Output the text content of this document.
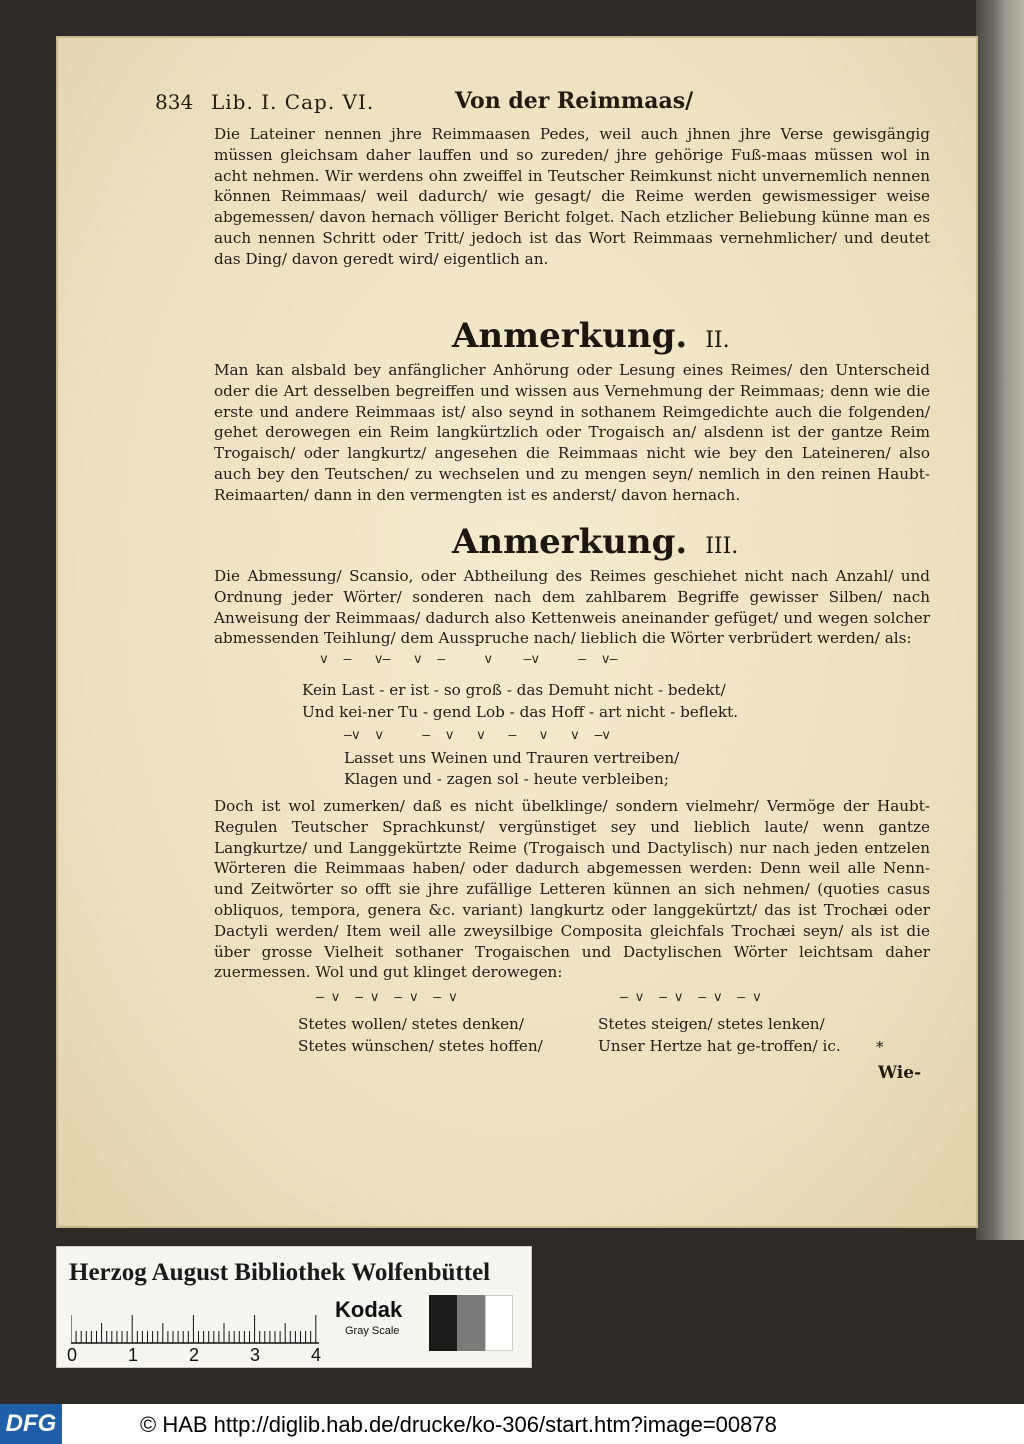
834 Lib. I. Cap. VI.	Von der Reimmaas/
Die Lateiner nennen jhre Reimmaasen Pedes, weil auch jhnen jhre Verse gewisgängig müssen gleichsam daher lauffen und so zureden/ jhre gehörige Fuß-maas müssen wol in acht nehmen. Wir werdens ohn zweiffel in Teutscher Reimkunst nicht unvernemlich nennen können Reimmaas/ weil dadurch/ wie gesagt/ die Reime werden gewismessiger weise abgemessen/ davon hernach völliger Bericht folget. Nach etzlicher Beliebung künne man es auch nennen Schritt oder Tritt/ jedoch ist das Wort Reimmaas vernehmlicher/ und deutet das Ding/ davon geredt wird/ eigentlich an.
Anmerkung. II.
Man kan alsbald bey anfänglicher Anhörung oder Lesung eines Reimes/ den Unterscheid oder die Art desselben begreiffen und wissen aus Vernehmung der Reimmaas; denn wie die erste und andere Reimmaas ist/ also seynd in sothanem Reimgedichte auch die folgenden/ gehet derowegen ein Reim langkürtzlich oder Trogaisch an/ alsdenn ist der gantze Reim Trogaisch/ oder langkurtz/ angesehen die Reimmaas nicht wie bey den Lateineren/ also auch bey den Teutschen/ zu wechselen und zu mengen seyn/ nemlich in den reinen Haubt-Reimaarten/ dann in den vermengten ist es anderst/ davon hernach.
Anmerkung. III.
Die Abmessung/ Scansio, oder Abtheilung des Reimes geschiehet nicht nach Anzahl/ und Ordnung jeder Wörter/ sonderen nach dem zahlbarem Begriffe gewisser Silben/ nach Anweisung der Reimmaas/ dadurch also Kettenweis aneinander gefüget/ und wegen solcher abmessenden Teihlung/ dem Ausspruche nach/ lieblich die Wörter verbrüdert werden/ als:
v  —   v—   v  —     v    —v     —  v—
Kein Last - er ist - so groß - das Demuht nicht - bedekt/
Und kei-ner Tu - gend Lob - das Hoff - art nicht - beflekt.
—v  v     —  v   v   —   v   v  —v
Lasset uns Weinen und Trauren vertreiben/
Klagen und - zagen sol - heute verbleiben;
Doch ist wol zumerken/ daß es nicht übelklinge/ sondern vielmehr/ Vermöge der Haubt-Regulen Teutscher Sprachkunst/ vergünstiget sey und lieblich laute/ wenn gantze Langkurtze/ und Langgekürtzte Reime (Trogaisch und Dactylisch) nur nach jeden entzelen Wörteren die Reimmaas haben/ oder dadurch abgemessen werden: Denn weil alle Nenn- und Zeitwörter so offt sie jhre zufällige Letteren künnen an sich nehmen/ (quoties casus obliquos, tempora, genera &c. variant) langkurtz oder langgekürtzt/ das ist Trochæi oder Dactyli werden/ Item weil alle zweysilbige Composita gleichfals Trochæi seyn/ als ist die über grosse Vielheit sothaner Trogaischen und Dactylischen Wörter leichtsam daher zuermessen. Wol und gut klinget derowegen:
— v  — v  — v  — v	— v  — v  — v  — v
Stetes wollen/ stetes denken/
Stetes wünschen/ stetes hoffen/
Stetes steigen/ stetes lenken/
Unser Hertze hat ge-troffen/ ic. *
Wie-
Herzog August Bibliothek Wolfenbüttel
0	1	2	3	4
Kodak
Gray Scale
DFG	© HAB http://diglib.hab.de/drucke/ko-306/start.htm?image=00878
